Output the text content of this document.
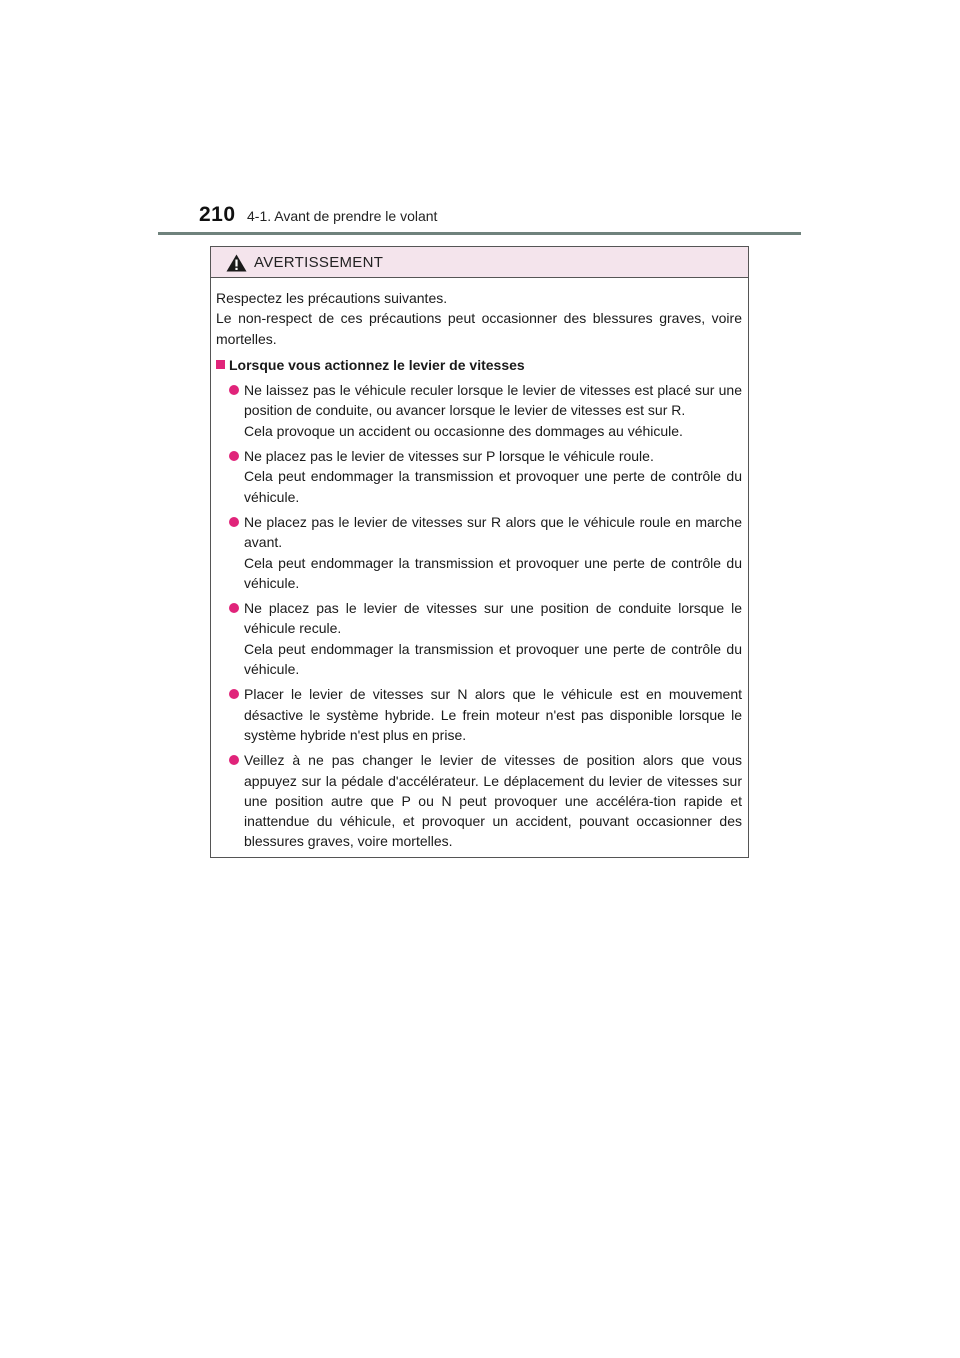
210 4-1. Avant de prendre le volant
AVERTISSEMENT

Respectez les précautions suivantes.

Le non-respect de ces précautions peut occasionner des blessures graves, voire mortelles.

Lorsque vous actionnez le levier de vitesses
Ne laissez pas le véhicule reculer lorsque le levier de vitesses est placé sur une position de conduite, ou avancer lorsque le levier de vitesses est sur R.
Cela provoque un accident ou occasionne des dommages au véhicule.
Ne placez pas le levier de vitesses sur P lorsque le véhicule roule.
Cela peut endommager la transmission et provoquer une perte de contrôle du véhicule.
Ne placez pas le levier de vitesses sur R alors que le véhicule roule en marche avant.
Cela peut endommager la transmission et provoquer une perte de contrôle du véhicule.
Ne placez pas le levier de vitesses sur une position de conduite lorsque le véhicule recule.
Cela peut endommager la transmission et provoquer une perte de contrôle du véhicule.
Placer le levier de vitesses sur N alors que le véhicule est en mouvement désactive le système hybride. Le frein moteur n'est pas disponible lorsque le système hybride n'est plus en prise.
Veillez à ne pas changer le levier de vitesses de position alors que vous appuyez sur la pédale d'accélérateur. Le déplacement du levier de vitesses sur une position autre que P ou N peut provoquer une accéléra-tion rapide et inattendue du véhicule, et provoquer un accident, pouvant occasionner des blessures graves, voire mortelles.
